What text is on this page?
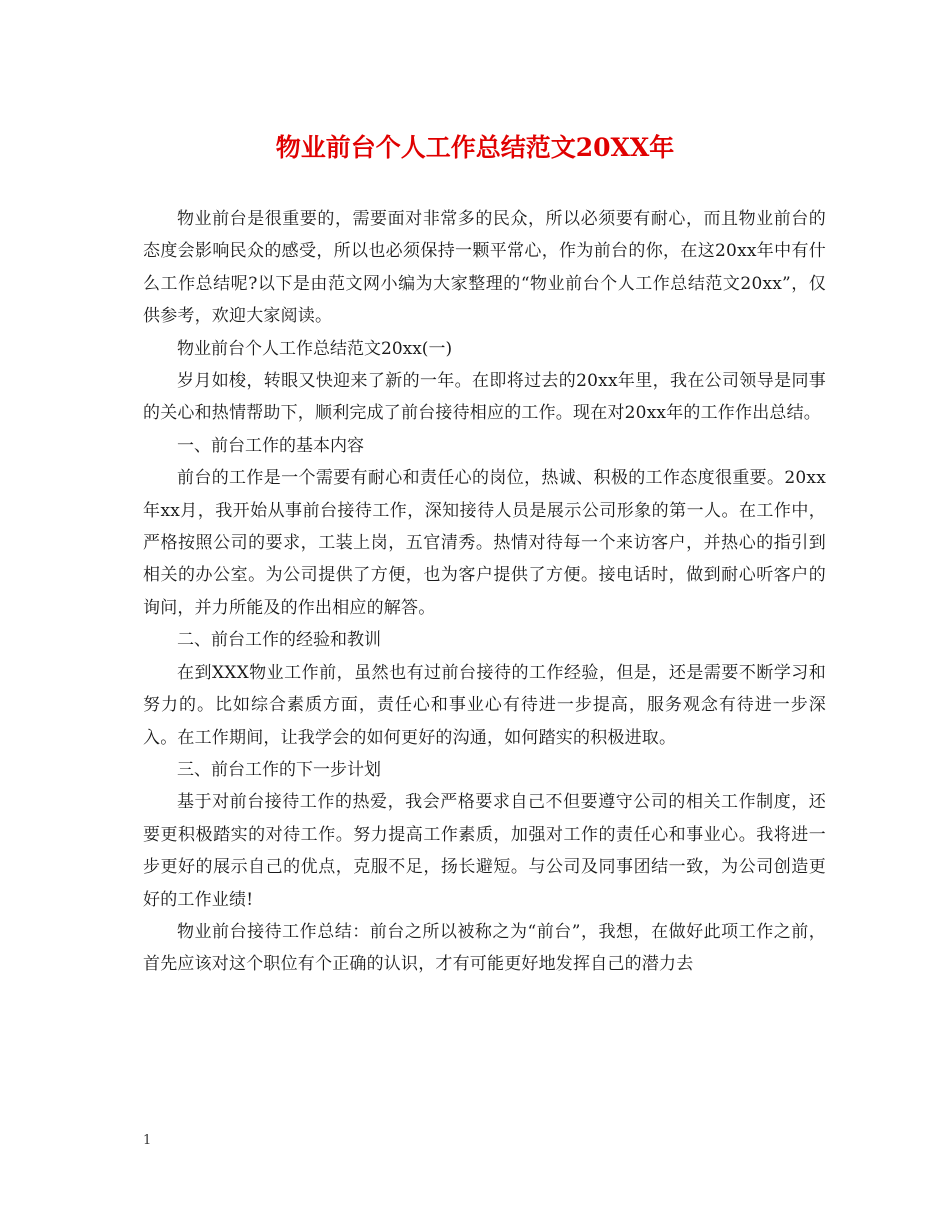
物业前台个人工作总结范文20XX年

物业前台是很重要的，需要面对非常多的民众，所以必须要有耐心，而且物业前台的态度会影响民众的感受，所以也必须保持一颗平常心，作为前台的你，在这20xx年中有什么工作总结呢?以下是由范文网小编为大家整理的“物业前台个人工作总结范文20xx”，仅供参考，欢迎大家阅读。

物业前台个人工作总结范文20xx(一)

岁月如梭，转眼又快迎来了新的一年。在即将过去的20xx年里，我在公司领导是同事的关心和热情帮助下，顺利完成了前台接待相应的工作。现在对20xx年的工作作出总结。

一、前台工作的基本内容

前台的工作是一个需要有耐心和责任心的岗位，热诚、积极的工作态度很重要。20xx年xx月，我开始从事前台接待工作，深知接待人员是展示公司形象的第一人。在工作中，严格按照公司的要求，工装上岗，五官清秀。热情对待每一个来访客户，并热心的指引到相关的办公室。为公司提供了方便，也为客户提供了方便。接电话时，做到耐心听客户的询问，并力所能及的作出相应的解答。

二、前台工作的经验和教训

在到XXX物业工作前，虽然也有过前台接待的工作经验，但是，还是需要不断学习和努力的。比如综合素质方面，责任心和事业心有待进一步提高，服务观念有待进一步深入。在工作期间，让我学会的如何更好的沟通，如何踏实的积极进取。

三、前台工作的下一步计划

基于对前台接待工作的热爱，我会严格要求自己不但要遵守公司的相关工作制度，还要更积极踏实的对待工作。努力提高工作素质，加强对工作的责任心和事业心。我将进一步更好的展示自己的优点，克服不足，扬长避短。与公司及同事团结一致，为公司创造更好的工作业绩!

物业前台接待工作总结：前台之所以被称之为“前台”，我想，在做好此项工作之前，首先应该对这个职位有个正确的认识，才有可能更好地发挥自己的潜力去

1
